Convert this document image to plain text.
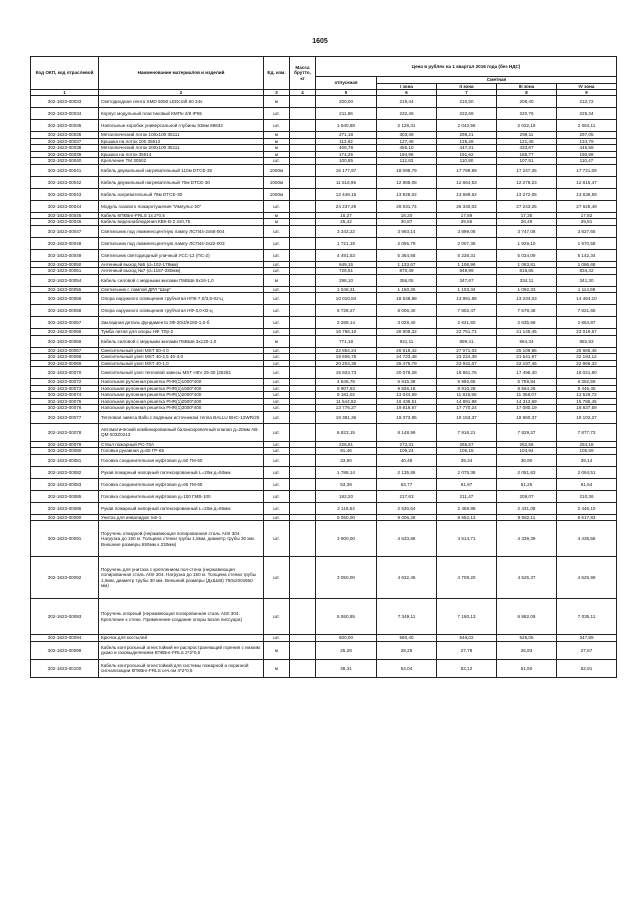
1605
Код ОКП, код отраслевой	Наименование материалов и изделий	Ед. изм.	Масса брутто, кг	Цена в рублях на 1 квартал 2016 года (без НДС)				
				отпускная	Сметная			
					I зона	II зона	III зона	IV зона
1	2	3	4	5	6	7	8	9
302-1823-00033	Светодиодная лента SMD 5050 LEDcraft 60 24v	м		200,00	219,44	210,50	208,40	212,72
302-1823-00034	Корпус модульный пластиковый КМПн 2/8 IP55	шт.		211,86	232,46	222,69	220,76	225,34
302-1823-00035	Напольные коробки универсальной глубины 63мм 88632	шт.		1 940,88	2 129,31	2 042,56	2 022,19	2 064,11
302-1823-00036	Металлический лоток 100х100 35111	м		271,18	303,49	298,21	299,11	297,05
302-1823-00037	Крышка на лоток 100 35512	м		113,92	127,48	125,26	121,45	124,79
302-1823-00038	Металлический лоток 200х100 35111	м		406,78	455,10	447,31	433,67	445,58
302-1823-00039	Крышка на лоток 35514	м		174,25	194,96	191,62	185,77	190,88
302-1823-00040	Крепление ТМ 30502	шт.		100,85	112,83	110,90	107,51	110,47
302-1823-00041	Кабель двужильный нагревательный 110м DTCE-30	1000м		16 177,97	18 099,79	17 789,99	17 247,35	17 721,09
302-1823-00042	Кабель двужильный нагревательный 70м DTCE-30	1000м		11 516,95	12 885,08	12 664,53	12 278,23	12 615,47
302-1823-00043	Кабель нагревательный 78м DTCE-30	1000м		12 449,15	13 928,02	13 689,62	13 272,06	13 636,59
302-1823-00044	Модуль газового пожаротушения "Импульс-20"	шт.		24 237,29	26 031,74	26 340,02	27 243,25	27 625,49
302-1823-00045	Кабель КПКВнг-FRLS 1х 2*0,5	м		16,27	18,20	17,89	17,35	17,82
302-1823-00046	Кабель видеонаблюдения КВК-В-2 2х0,75	м		25,42	30,87	29,65	28,49	29,81
302-1823-00047	Светильник под люминесцентную лампу ЛСП44-2х58-004	шт.		3 343,22	3 993,14	3 899,06	3 747,08	3 827,65
302-1823-00048	Светильник под люминесцентную лампу ЛСП44-2х22-003	шт.		1 721,19	2 055,79	2 007,36	1 929,10	1 970,58
302-1823-00049	Светильник светодиодный уличный УСС-12 (ПС-2)	шт.		4 491,53	5 364,68	5 238,31	5 034,09	5 142,34
302-1823-00050	Антенный выход №5 (d=102-178мм)	шт.		949,15	1 133,67	1 106,96	1 063,81	1 086,68
302-1823-00051	Антенный выход №7 (d=1157-280мм)	шт.		728,81	870,49	849,99	816,85	834,42
302-1823-00054	Кабель силовой с медными жилами ПвВШв 5х16-1,0	м		298,10	356,05	347,67	334,11	341,30
302-1823-00055	Светильник с лампой ДРЛ "Шар"	шт.		1 046,31	1 150,26	1 103,34	1 092,33	1 114,98
302-1823-00056	Опора наружного освещения трубчатая НПК-7,0/3,5-02-ц	шт.		10 010,84	18 548,88	13 991,88	13 234,03	14 464,10
302-1823-00058	Опора наружного освещения трубчатая НФ-3,0-02-ц	шт.		6 728,27	8 006,40	7 802,47	7 578,48	7 821,65
302-1823-00057	Закладная деталь фундамента 3Ф-20/4/К160-1,0-б	шт.		2 289,14	3 029,40	2 631,50	2 635,59	2 854,97
302-1823-00058	Тумба литая для опоры НФ ТЛр-2	шт.		16 766,10	26 908,32	22 751,71	21 149,45	23 019,57
302-1823-00059	Кабель силовой с медными жилами ПвВШв 3х120-1,0	м		771,18	921,11	899,41	864,34	882,93
302-1823-00067	Смесительный узел MST 50-4 0	шт.		22 854,24	26 618,42	27 071,02	25 109,85	25 665,45
302-1823-00068	Смесительный узел MST 40-2,5 40-4,0	шт.		19 606,78	24 723,48	23 224,39	21 541,97	22 193,12
302-1823-00069	Смесительный узел MST 40-1,0	шт.		20 203,39	25 475,79	23 931,07	22 197,46	22 869,33
302-1823-00070	Смесительный узел тепловой завесы MST НКV 25-30 (25281	шт.		15 923,73	20 079,28	18 861,76	17 495,40	18 021,80
302-1823-00072	Напольная рулонная решетка PHR(1)1000*400	шт.		4 845,76	6 815,38	5 992,65	5 759,84	6 352,59
302-1823-00073	Напольная рулонная решетка PHR(1)1500*400	шт.		6 907,63	9 836,18	8 910,28	8 564,26	9 445,45
302-1823-00074	Напольная рулонная решетка PHR(1)2000*400	шт.		9 181,02	13 044,69	11 816,95	11 358,07	12 526,72
302-1823-00075	Напольная рулонная решетка PHR(1)2500*400	шт.		11 544,92	16 439,51	14 891,98	14 313,69	15 786,45
302-1823-00076	Напольная рулонная решетка PHR(1)3000*400	шт.		13 776,27	19 616,67	17 770,24	17 080,19	18 837,59
302-1823-00077	Тепловая завеса Ballu с водяным источником тепла BALLU BHC-12WR/25	шт.		19 381,36	19 373,95	19 153,37	18 960,37	19 102,27
302-1823-00078	Автоматический комбинированный балансировочный клапан д=20мм АВ-QM 003Z0213	шт.		6 823,15	8 148,99	7 916,21	7 829,37	7 877,73
302-1823-00079	Ствол пожарный РС-70А	шт.		228,81	273,31	265,57	252,56	254,18
302-1823-00080	Головка рукавная д=65 ГР-65	шт.		91,46	109,24	106,15	104,94	105,59
302-1823-00081	Головка соединительная муфтовая д=50 ГМ-50	шт.		33,90	40,49	39,34	38,90	39,14
302-1823-00082	Рукав пожарный напорный латексированный L=20м д=50мм	шт.		1 788,14	2 135,86	2 075,38	2 051,83	2 064,51
302-1823-00083	Головка соединительная муфтовая д=65 ГМ-65	шт.		53,39	63,77	61,97	61,26	61,64
302-1823-00085	Головка соединительная муфтовая д=100 ГМВ-100	шт.		182,20	217,63	211,47	209,07	210,36
302-1823-00086	Рукав пожарный напорный латексированный L=20м д=65мм	шт.		2 118,64	2 530,64	2 458,98	2 431,08	2 446,10
302-1823-00090	Унитаз для инвалидов тип-1	шт.		6 050,00	9 006,28	8 652,13	8 582,11	8 617,83
302-1823-00091	Поручень откидной (нержавеющая полированная сталь AISI 304. Нагрузка до 150 кг. Толщина стенки трубы 1,5мм, диаметр трубы 30 мм. Внешние размеры 650мм х 230мм)	шт.		3 900,00	4 633,86	4 514,71	4 339,39	4 435,58
302-1823-00092	Поручень для унитаза с креплением пол-стена (нержавеющая полированная сталь AISI 304. Нагрузка до 150 кг. Толщина стенки трубы 1,5мм, диаметр трубы 30 мм. Внешний размеры (ДхШхВ) 750х200х650 мм)	шт.		3 050,00	4 632,46	4 708,20	4 525,37	4 625,99
302-1823-00093	Поручень опорный (нержавеющая полированная сталь AISI 304. Крепление к стене. Применение-создание опоры возле писсуара)	шт.		5 550,85	7 349,11	7 160,13	6 882,09	7 035,11
302-1823-00094	Крючок для костылей	шт.		500,00	560,40	546,02	525,05	347,89
302-1823-00099	Кабель контрольный огнестойкий не распространяющий горения с низким дымо и газовыделением КПКВнг-FRLS 2*2*0,5	м		25,28	28,28	27,78	26,93	27,67
302-1823-00100	Кабель контрольный огнестойкий для системы пожарной и охранной сигнализации КПКВнг-FRLS сеч.ом 4*2*0,5	м		48,31	54,04	53,12	51,50	52,91
